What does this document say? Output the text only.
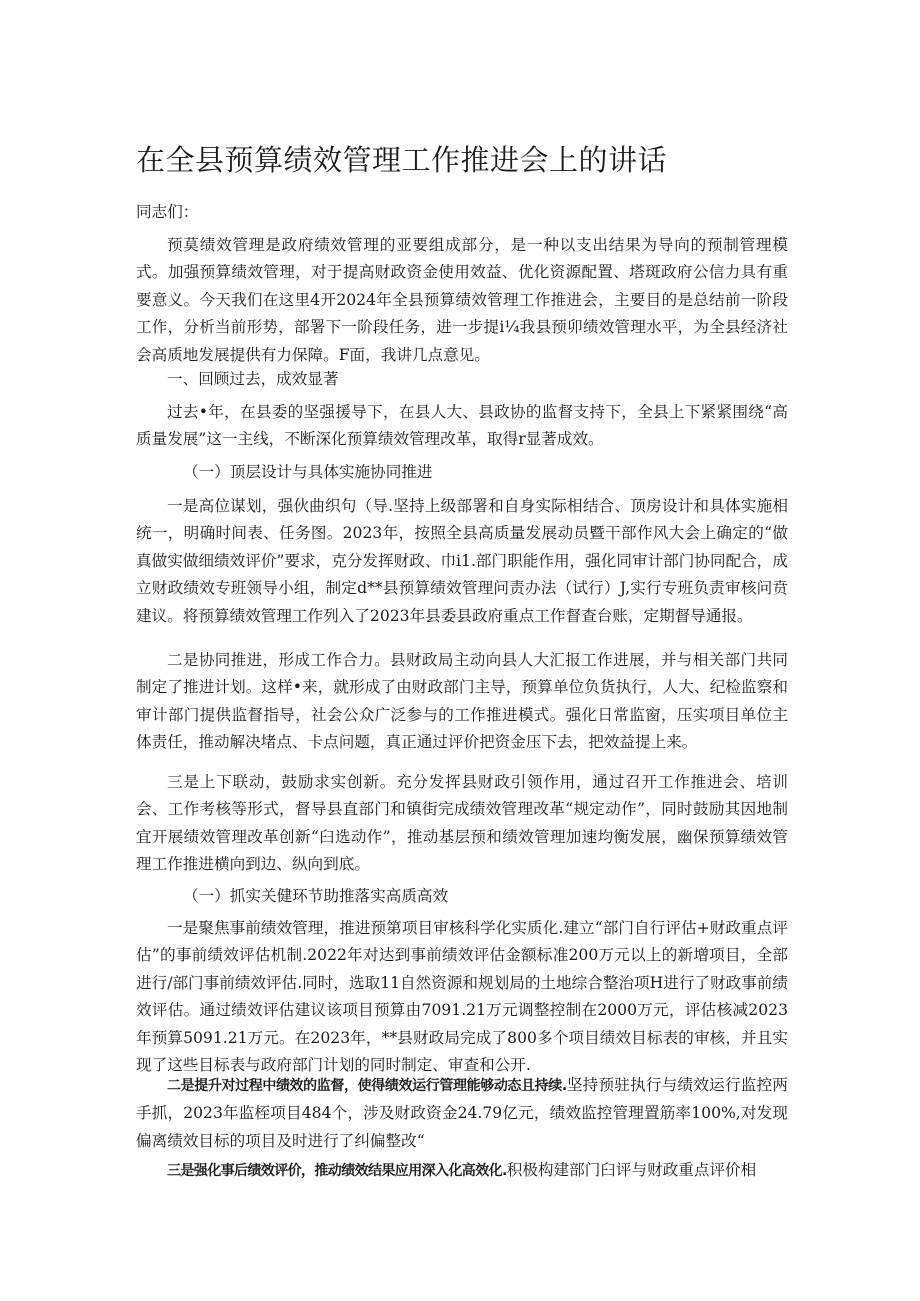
在全县预算绩效管理工作推进会上的讲话

同志们：

预莫绩效管理是政府绩效管理的亚要组成部分，是一种以支出结果为导向的预制管理模式。加强预算绩效管理，对于提高财政资金使用效益、优化资源配置、塔斑政府公信力具有重要意义。今天我们在这里4开2024年全县预算绩效管理工作推进会，主要目的是总结前一阶段工作，分析当前形势，部署下一阶段任务，进一步提i¼我县预卯绩效管理水平，为全县经济社会高质地发展提供有力保障。F面，我讲几点意见。

一、回顾过去，成效显著

过去•年，在县委的坚强援导下，在县人大、县政协的监督支持下，全县上下紧紧围绕“高质量发展”这一主线，不断深化预算绩效管理改革，取得r显著成效。

（一）顶层设计与具体实施协同推进

一是高位谋划，强伙曲织句（导.坚持上级部署和自身实际相结合、顶房设计和具体实施相统一，明确时间表、任务图。2023年，按照全县高质量发展动员暨干部作风大会上确定的“做真做实做细绩效评价”要求，克分发挥财政、巾i1.部门职能作用，强化同审计部门协同配合，成立财政绩效专班领导小组，制定d**县预算绩效管理问责办法（试行）J,实行专班负责审核问贲建议。将预算绩效管理工作列入了2023年县委县政府重点工作督查台账，定期督导通报。

二是协同推进，形成工作合力。县财政局主动向县人大汇报工作进展，并与相关部门共同制定了推进计划。这样•来，就形成了由财政部门主导，预算单位负货执行，人大、纪检监察和审计部门提供监督指导，社会公众广泛参与的工作推进模式。强化日常监窗，压实项目单位主体责任，推动解决堵点、卡点问题，真正通过评价把资金压下去，把效益提上来。

三是上下联动，鼓励求实创新。充分发挥县财政引领作用，通过召开工作推进会、培训会、工作考核等形式，督导县直部门和镇街完成绩效管理改革“规定动作”，同时鼓励其因地制宜开展绩效管理改革创新“臼选动作”，推动基层预和绩效管理加速均衡发展，幽保预算绩效管理工作推进横向到边、纵向到底。

（一）抓实关健环节助推落实高质高效

一是聚焦事前绩效管理，推进预第项目审核科学化实质化.建立“部门自行评估+财政重点评估”的事前绩效评估机制.2022年对达到事前绩效评估金额标准200万元以上的新增项目，全部进行/部门事前绩效评估.同时，选取11自然资源和规划局的土地综合整治项H进行了财政事前绩效评估。通过绩效评估建议该项目预算由7091.21万元调整控制在2000万元，评估核减2023年预算5091.21万元。在2023年，**县财政局完成了800多个项目绩效目标表的审核，并且实现了这些目标表与政府部门计划的同时制定、审查和公开.

二是提升对过程中绩效的监督，使得绩效运行管理能够动态且持续.坚持预驻执行与绩效运行监控两手抓，2023年监桎项目484个，涉及财政资金24.79亿元，绩效监控管理置筋率100%,对发现偏离绩效目标的项目及时进行了纠偏整改“

三是强化事后绩效评价，推动绩效结果应用深入化高效化.积极构建部门臼评与财政重点评价相
